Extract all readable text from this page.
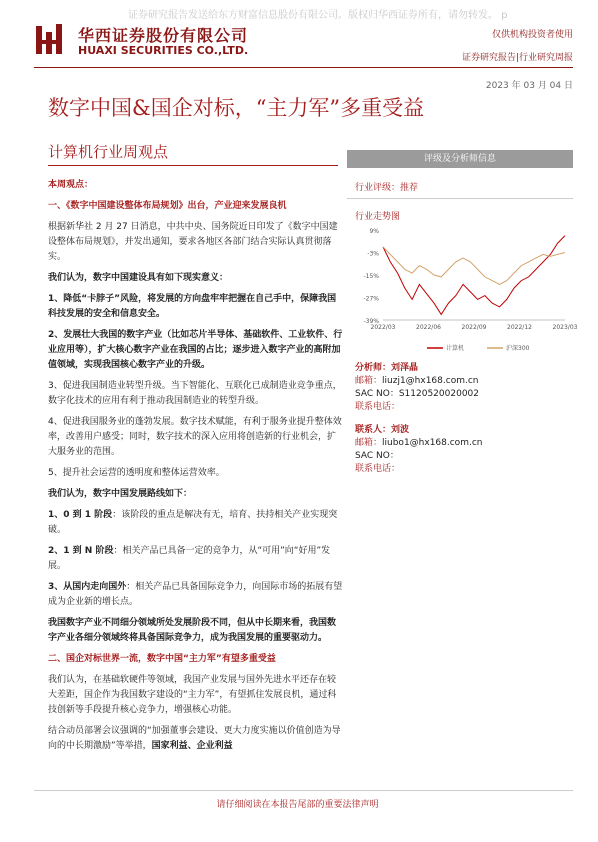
证券研究报告发送给东方财富信息股份有限公司。版权归华西证券所有，请勿转发。 p
华西证券股份有限公司
HUAXI SECURITIES CO.,LTD.
仅供机构投资者使用
证券研究报告|行业研究周报
2023 年 03 月 04 日
数字中国&国企对标，“主力军”多重受益
计算机行业周观点

本周观点：

一、《数字中国建设整体布局规划》出台，产业迎来发展良机

根据新华社 2 月 27 日消息，中共中央、国务院近日印发了《数字中国建设整体布局规划》，并发出通知，要求各地区各部门结合实际认真贯彻落实。

我们认为，数字中国建设具有如下现实意义：

1、降低“卡脖子”风险，将发展的方向盘牢牢把握在自己手中，保障我国科技发展的安全和信息安全。

2、发展壮大我国的数字产业（比如芯片半导体、基础软件、工业软件、行业应用等），扩大核心数字产业在我国的占比；逐步进入数字产业的高附加值领域，实现我国核心数字产业的升级。

3、促进我国制造业转型升级。当下智能化、互联化已成制造业竞争重点，数字化技术的应用有利于推动我国制造业的转型升级。

4、促进我国服务业的蓬勃发展。数字技术赋能，有利于服务业提升整体效率，改善用户感受；同时，数字技术的深入应用将创造新的行业机会，扩大服务业的范围。

5、提升社会运营的透明度和整体运营效率。

我们认为，数字中国发展路线如下：

1、0 到 1 阶段：该阶段的重点是解决有无，培育、扶持相关产业实现突破。

2、1 到 N 阶段：相关产品已具备一定的竞争力，从“可用”向“好用”发展。

3、从国内走向国外：相关产品已具备国际竞争力，向国际市场的拓展有望成为企业新的增长点。

我国数字产业不同细分领域所处发展阶段不同，但从中长期来看，我国数字产业各细分领域终将具备国际竞争力，成为我国发展的重要驱动力。

二、国企对标世界一流，数字中国“主力军”有望多重受益

我们认为，在基础软硬件等领域，我国产业发展与国外先进水平还存在较大差距，国企作为我国数字建设的“主力军”，有望抓住发展良机，通过科技创新等手段提升核心竞争力，增强核心功能。

结合动员部署会议强调的“加强董事会建设、更大力度实施以价值创造为导向的中长期激励”等举措，国家利益、企业利益

评级及分析师信息
行业评级：推荐
行业走势图
9%
-3%
-15%
-27%
-39%
2022/03	2022/06	2022/09	2022/12	2023/03
计算机	沪深300
分析师：刘泽晶
邮箱：liuzj1@hx168.com.cn
SAC NO：S1120520020002
联系电话：
联系人：刘波
邮箱：liubo1@hx168.com.cn
SAC NO：
联系电话：
请仔细阅读在本报告尾部的重要法律声明
